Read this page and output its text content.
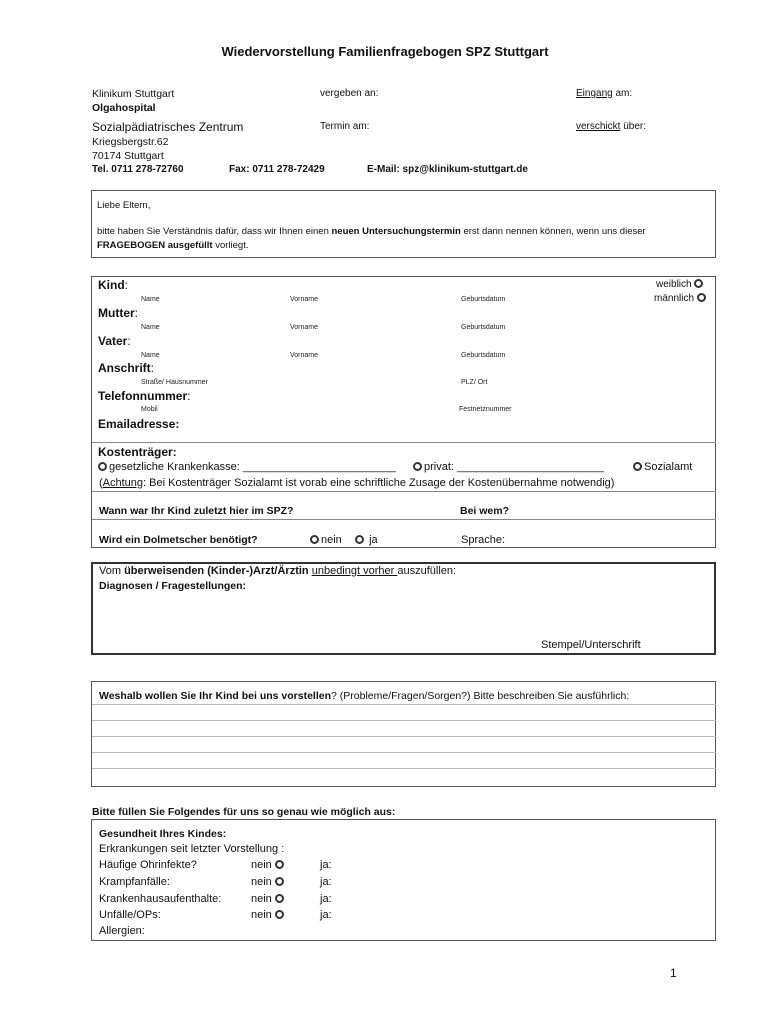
Wiedervorstellung Familienfragebogen SPZ Stuttgart
Klinikum Stuttgart
Olgahospital
Sozialpädiatrisches Zentrum
Kriegsbergstr.62
70174 Stuttgart
Tel. 0711 278-72760	Fax: 0711 278-72429	E-Mail: spz@klinikum-stuttgart.de
vergeben an:
Termin am:
Eingang am:
verschickt über:
Liebe Eltern,
bitte haben Sie Verständnis dafür, dass wir Ihnen einen neuen Untersuchungstermin erst dann nennen können, wenn uns dieser
FRAGEBOGEN ausgefüllt vorliegt.
Kind:
Name	Vorname	Geburtsdatum
weiblich
männlich
Mutter:
Name	Vorname	Geburtsdatum
Vater:
Name	Vorname	Geburtsdatum
Anschrift:
Straße/ Hausnummer	PLZ/ Ort
Telefonnummer:
Mobil	Festnetznummer
Emailadresse:
Kostenträger:
gesetzliche Krankenkasse: _________________________	privat: ________________________	Sozialamt
(Achtung: Bei Kostenträger Sozialamt ist vorab eine schriftliche Zusage der Kostenübernahme notwendig)
Wann war Ihr Kind zuletzt hier im SPZ?	Bei wem?
Wird ein Dolmetscher benötigt?	nein	ja	Sprache:
Vom überweisenden (Kinder-)Arzt/Ärztin unbedingt vorher auszufüllen:
Diagnosen / Fragestellungen:
Stempel/Unterschrift
Weshalb wollen Sie Ihr Kind bei uns vorstellen? (Probleme/Fragen/Sorgen?) Bitte beschreiben Sie ausführlich:
Bitte füllen Sie Folgendes für uns so genau wie möglich aus:
Gesundheit Ihres Kindes:
Erkrankungen seit letzter Vorstellung :
Häufige Ohrinfekte?	nein	ja:
Krampfanfälle:	nein	ja:
Krankenhausaufenthalte:	nein	ja:
Unfälle/OPs:	nein	ja:
Allergien:
1
